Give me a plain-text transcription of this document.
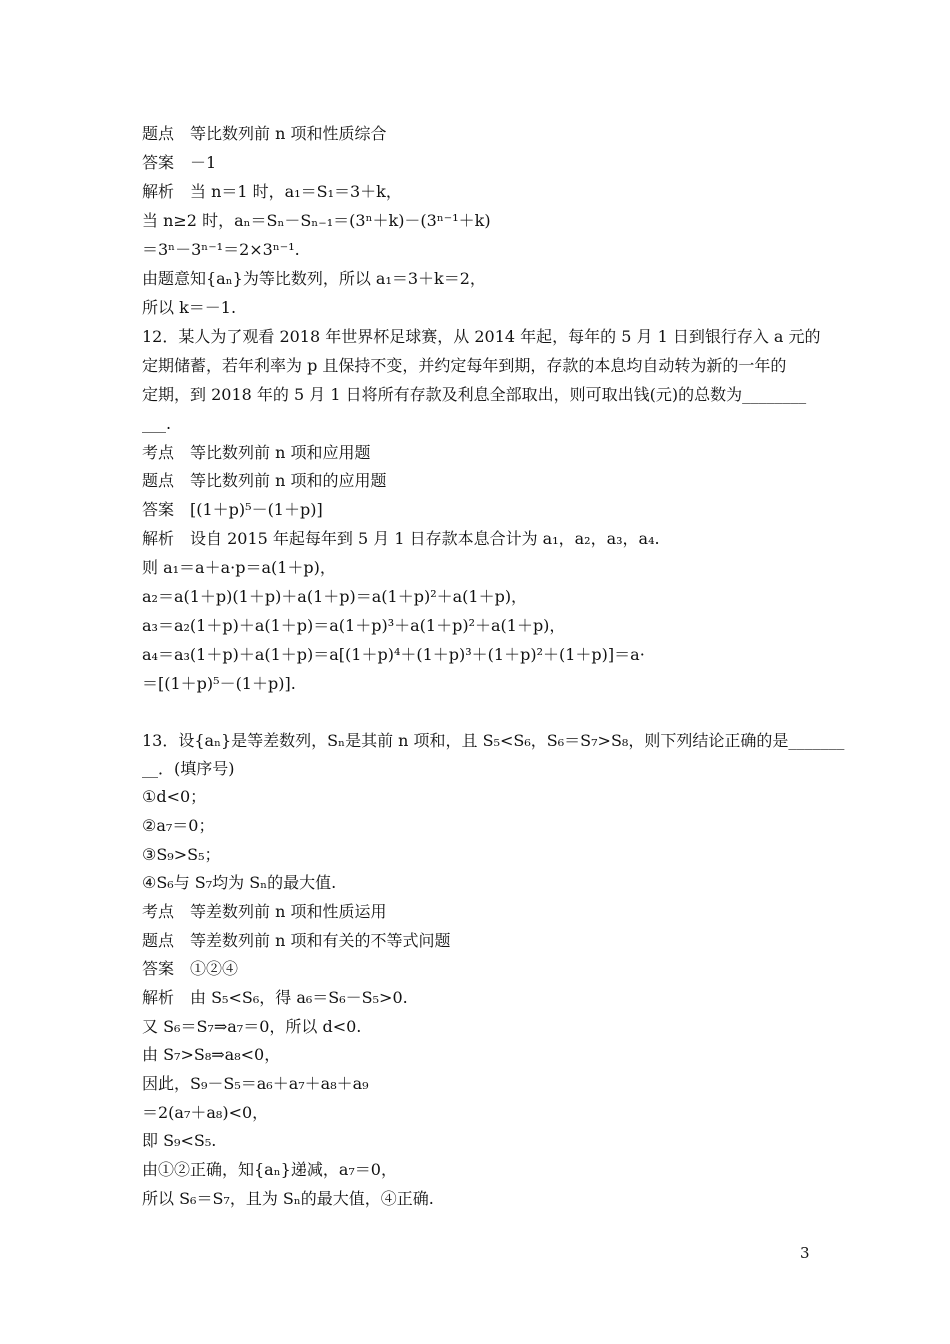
题点　等比数列前 n 项和性质综合
答案　－1
解析　当 n＝1 时，a₁＝S₁＝3＋k，
当 n≥2 时，aₙ＝Sₙ－Sₙ₋₁＝(3ⁿ＋k)－(3ⁿ⁻¹＋k)
＝3ⁿ－3ⁿ⁻¹＝2×3ⁿ⁻¹.
由题意知{aₙ}为等比数列，所以 a₁＝3＋k＝2，
所以 k＝－1.
12．某人为了观看 2018 年世界杯足球赛，从 2014 年起，每年的 5 月 1 日到银行存入 a 元的
定期储蓄，若年利率为 p 且保持不变，并约定每年到期，存款的本息均自动转为新的一年的
定期，到 2018 年的 5 月 1 日将所有存款及利息全部取出，则可取出钱(元)的总数为________
___.
考点　等比数列前 n 项和应用题
题点　等比数列前 n 项和的应用题
答案　[(1＋p)⁵－(1＋p)]
解析　设自 2015 年起每年到 5 月 1 日存款本息合计为 a₁，a₂，a₃，a₄.
则 a₁＝a＋a·p＝a(1＋p)，
a₂＝a(1＋p)(1＋p)＋a(1＋p)＝a(1＋p)²＋a(1＋p)，
a₃＝a₂(1＋p)＋a(1＋p)＝a(1＋p)³＋a(1＋p)²＋a(1＋p)，
a₄＝a₃(1＋p)＋a(1＋p)＝a[(1＋p)⁴＋(1＋p)³＋(1＋p)²＋(1＋p)]＝a·
＝[(1＋p)⁵－(1＋p)].
13．设{aₙ}是等差数列，Sₙ是其前 n 项和，且 S₅<S₆，S₆＝S₇>S₈，则下列结论正确的是_______
__．(填序号)
①d<0；
②a₇＝0；
③S₉>S₅；
④S₆与 S₇均为 Sₙ的最大值.
考点　等差数列前 n 项和性质运用
题点　等差数列前 n 项和有关的不等式问题
答案　①②④
解析　由 S₅<S₆，得 a₆＝S₆－S₅>0.
又 S₆＝S₇⇒a₇＝0，所以 d<0.
由 S₇>S₈⇒a₈<0，
因此，S₉－S₅＝a₆＋a₇＋a₈＋a₉
＝2(a₇＋a₈)<0，
即 S₉<S₅.
由①②正确，知{aₙ}递减，a₇＝0，
所以 S₆＝S₇，且为 Sₙ的最大值，④正确.
3
